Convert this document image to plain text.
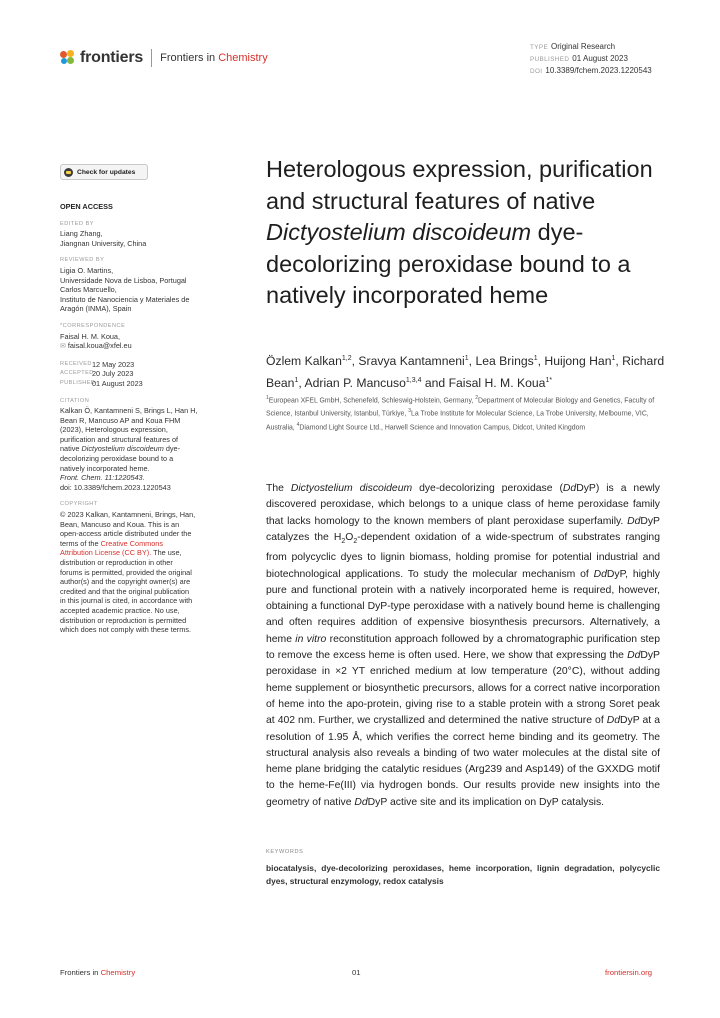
frontiers Frontiers in Chemistry
TYPE Original Research
PUBLISHED 01 August 2023
DOI 10.3389/fchem.2023.1220543
Check for updates
OPEN ACCESS
EDITED BY
Liang Zhang,
Jiangnan University, China
REVIEWED BY
Ligia O. Martins,
Universidade Nova de Lisboa, Portugal
Carlos Marcuello,
Instituto de Nanociencia y Materiales de
Aragón (INMA), Spain
*CORRESPONDENCE
Faisal H. M. Koua,
✉ faisal.koua@xfel.eu
RECEIVED 12 May 2023
ACCEPTED
20 July 2023
PUBLISHED
01 August 2023
CITATION
Kalkan Ö, Kantamneni S, Brings L, Han H,
Bean R, Mancuso AP and Koua FHM
(2023), Heterologous expression,
purification and structural features of
native Dictyostelium discoideum dye-
decolorizing peroxidase bound to a
natively incorporated heme.
Front. Chem. 11:1220543.
doi: 10.3389/fchem.2023.1220543
COPYRIGHT
© 2023 Kalkan, Kantamneni, Brings, Han,
Bean, Mancuso and Koua. This is an
open-access article distributed under the
terms of the Creative Commons
Attribution License (CC BY). The use,
distribution or reproduction in other
forums is permitted, provided the original
author(s) and the copyright owner(s) are
credited and that the original publication
in this journal is cited, in accordance with
accepted academic practice. No use,
distribution or reproduction is permitted
which does not comply with these terms.
Heterologous expression, purification and structural features of native Dictyostelium discoideum dye-decolorizing peroxidase bound to a natively incorporated heme
Özlem Kalkan$^{1,2}$, Sravya Kantamneni$^1$, Lea Brings$^1$, Huijong Han$^1$, Richard Bean$^1$, Adrian P. Mancuso$^{1,3,4}$ and Faisal H. M. Koua$^{1*}$
$^1$European XFEL GmbH, Schenefeld, Schleswig-Holstein, Germany, $^2$Department of Molecular Biology and Genetics, Faculty of Science, Istanbul University, Istanbul, Türkiye, $^3$La Trobe Institute for Molecular Science, La Trobe University, Melbourne, VIC, Australia, $^4$Diamond Light Source Ltd., Harwell Science and Innovation Campus, Didcot, United Kingdom
The Dictyostelium discoideum dye-decolorizing peroxidase (DdDyP) is a newly discovered peroxidase, which belongs to a unique class of heme peroxidase family that lacks homology to the known members of plant peroxidase superfamily. DdDyP catalyzes the $H_2O_2$-dependent oxidation of a wide-spectrum of substrates ranging from polycyclic dyes to lignin biomass, holding promise for potential industrial and biotechnological applications. To study the molecular mechanism of DdDyP, highly pure and functional protein with a natively incorporated heme is required, however, obtaining a functional DyP-type peroxidase with a natively bound heme is challenging and often requires addition of expensive biosynthesis precursors. Alternatively, a heme in vitro reconstitution approach followed by a chromatographic purification step to remove the excess heme is often used. Here, we show that expressing the DdDyP peroxidase in ×2 YT enriched medium at low temperature (20°C), without adding heme supplement or biosynthetic precursors, allows for a correct native incorporation of heme into the apo-protein, giving rise to a stable protein with a strong Soret peak at 402 nm. Further, we crystallized and determined the native structure of DdDyP at a resolution of 1.95 Å, which verifies the correct heme binding and its geometry. The structural analysis also reveals a binding of two water molecules at the distal site of heme plane bridging the catalytic residues (Arg239 and Asp149) of the GXXDG motif to the heme-Fe(III) via hydrogen bonds. Our results provide new insights into the geometry of native DdDyP active site and its implication on DyP catalysis.
KEYWORDS
biocatalysis, dye-decolorizing peroxidases, heme incorporation, lignin degradation, polycyclic dyes, structural enzymology, redox catalysis
Frontiers in Chemistry	01	frontiersin.org
